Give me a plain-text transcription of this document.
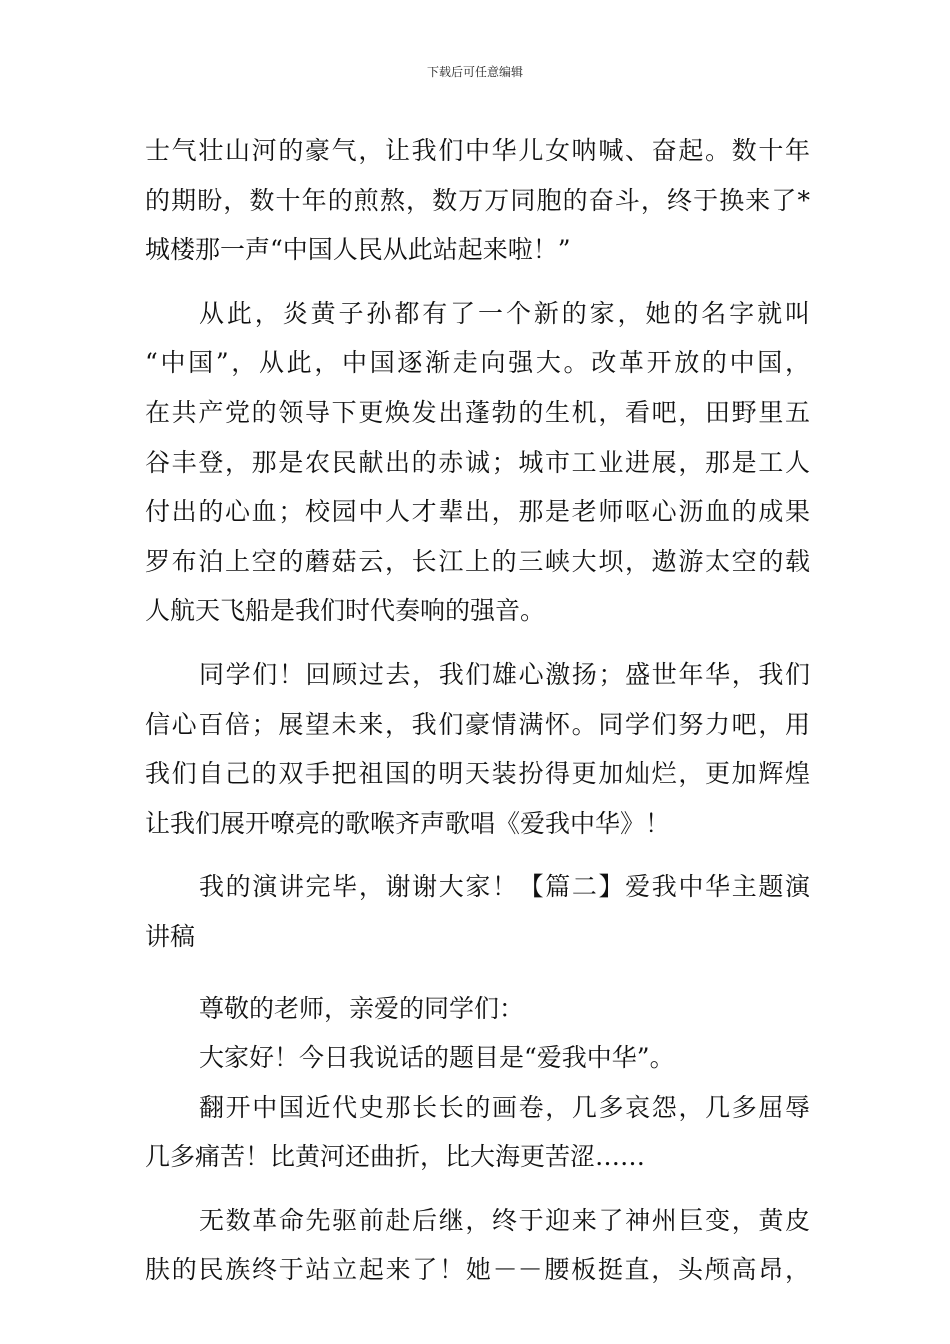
下载后可任意编辑
士气壮山河的豪气，让我们中华儿女呐喊、奋起。数十年
的期盼，数十年的煎熬，数万万同胞的奋斗，终于换来了*
城楼那一声“中国人民从此站起来啦！”
从此，炎黄子孙都有了一个新的家，她的名字就叫
“中国”，从此，中国逐渐走向强大。改革开放的中国，
在共产党的领导下更焕发出蓬勃的生机，看吧，田野里五
谷丰登，那是农民献出的赤诚；城市工业进展，那是工人
付出的心血；校园中人才辈出，那是老师呕心沥血的成果
罗布泊上空的蘑菇云，长江上的三峡大坝，遨游太空的载
人航天飞船是我们时代奏响的强音。
同学们！回顾过去，我们雄心激扬；盛世年华，我们
信心百倍；展望未来，我们豪情满怀。同学们努力吧，用
我们自己的双手把祖国的明天装扮得更加灿烂，更加辉煌
让我们展开嘹亮的歌喉齐声歌唱《爱我中华》！
我的演讲完毕，谢谢大家！【篇二】爱我中华主题演
讲稿
尊敬的老师，亲爱的同学们：
大家好！今日我说话的题目是“爱我中华”。
翻开中国近代史那长长的画卷，几多哀怨，几多屈辱
几多痛苦！比黄河还曲折，比大海更苦涩……
无数革命先驱前赴后继，终于迎来了神州巨变，黄皮
肤的民族终于站立起来了！她－－腰板挺直，头颅高昂，
